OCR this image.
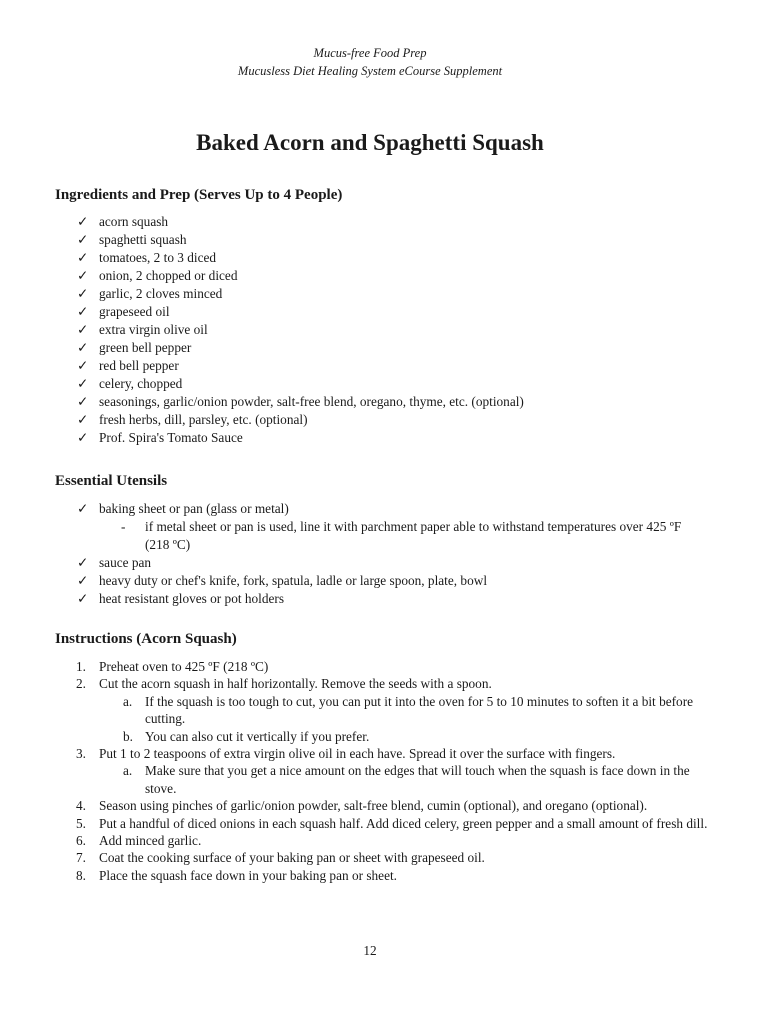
Mucus-free Food Prep
Mucusless Diet Healing System eCourse Supplement
Baked Acorn and Spaghetti Squash
Ingredients and Prep (Serves Up to 4 People)
✓ acorn squash
✓ spaghetti squash
✓ tomatoes, 2 to 3 diced
✓ onion, 2 chopped or diced
✓ garlic, 2 cloves minced
✓ grapeseed oil
✓ extra virgin olive oil
✓ green bell pepper
✓ red bell pepper
✓ celery, chopped
✓ seasonings, garlic/onion powder, salt-free blend, oregano, thyme, etc. (optional)
✓ fresh herbs, dill, parsley, etc. (optional)
✓ Prof. Spira's Tomato Sauce
Essential Utensils
✓ baking sheet or pan (glass or metal)
- if metal sheet or pan is used, line it with parchment paper able to withstand temperatures over 425 ºF (218 ºC)
✓ sauce pan
✓ heavy duty or chef's knife, fork, spatula, ladle or large spoon, plate, bowl
✓ heat resistant gloves or pot holders
Instructions (Acorn Squash)
1. Preheat oven to 425 ºF (218 ºC)
2. Cut the acorn squash in half horizontally. Remove the seeds with a spoon.
a. If the squash is too tough to cut, you can put it into the oven for 5 to 10 minutes to soften it a bit before cutting.
b. You can also cut it vertically if you prefer.
3. Put 1 to 2 teaspoons of extra virgin olive oil in each have. Spread it over the surface with fingers.
a. Make sure that you get a nice amount on the edges that will touch when the squash is face down in the stove.
4. Season using pinches of garlic/onion powder, salt-free blend, cumin (optional), and oregano (optional).
5. Put a handful of diced onions in each squash half. Add diced celery, green pepper and a small amount of fresh dill.
6. Add minced garlic.
7. Coat the cooking surface of your baking pan or sheet with grapeseed oil.
8. Place the squash face down in your baking pan or sheet.
12
